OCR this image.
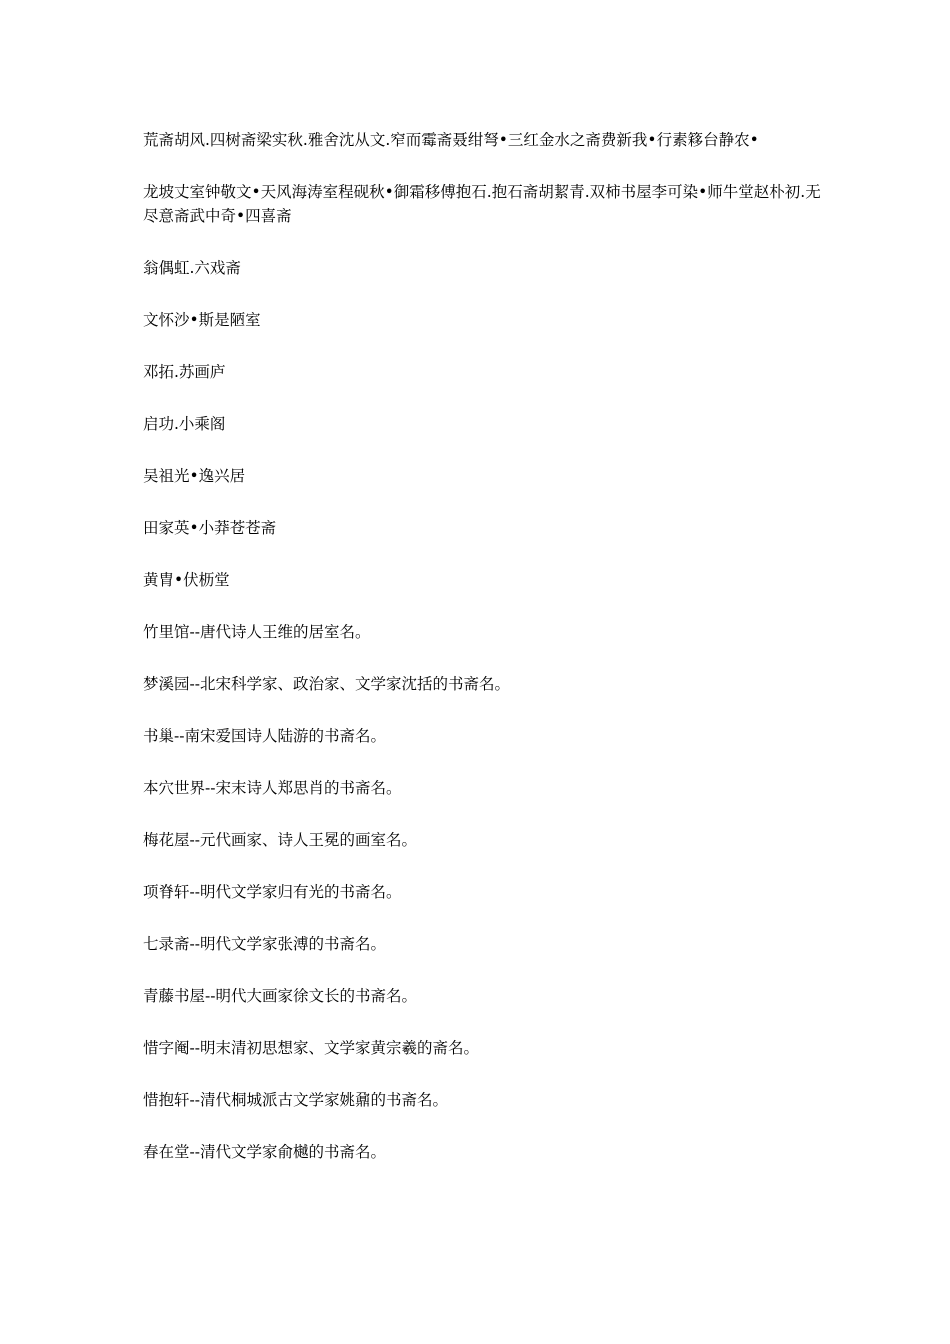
荒斋胡风.四树斋梁实秋.雅舍沈从文.窄而霉斋聂绀弩•三红金水之斋费新我•行素簃台静农•

龙坡丈室钟敬文•天风海涛室程砚秋•御霜移傅抱石.抱石斋胡絜青.双柿书屋李可染•师牛堂赵朴初.无尽意斋武中奇•四喜斋

翁偶虹.六戏斋

文怀沙•斯是陋室

邓拓.苏画庐

启功.小乘阁

吴祖光•逸兴居

田家英•小莽苍苍斋

黄胄•伏枥堂

竹里馆--唐代诗人王维的居室名。

梦溪园--北宋科学家、政治家、文学家沈括的书斋名。

书巢--南宋爱国诗人陆游的书斋名。

本穴世界--宋末诗人郑思肖的书斋名。

梅花屋--元代画家、诗人王冕的画室名。

项脊轩--明代文学家归有光的书斋名。

七录斋--明代文学家张溥的书斋名。

青藤书屋--明代大画家徐文长的书斋名。

惜字阉--明末清初思想家、文学家黄宗羲的斋名。

惜抱轩--清代桐城派古文学家姚鼐的书斋名。

春在堂--清代文学家俞樾的书斋名。
